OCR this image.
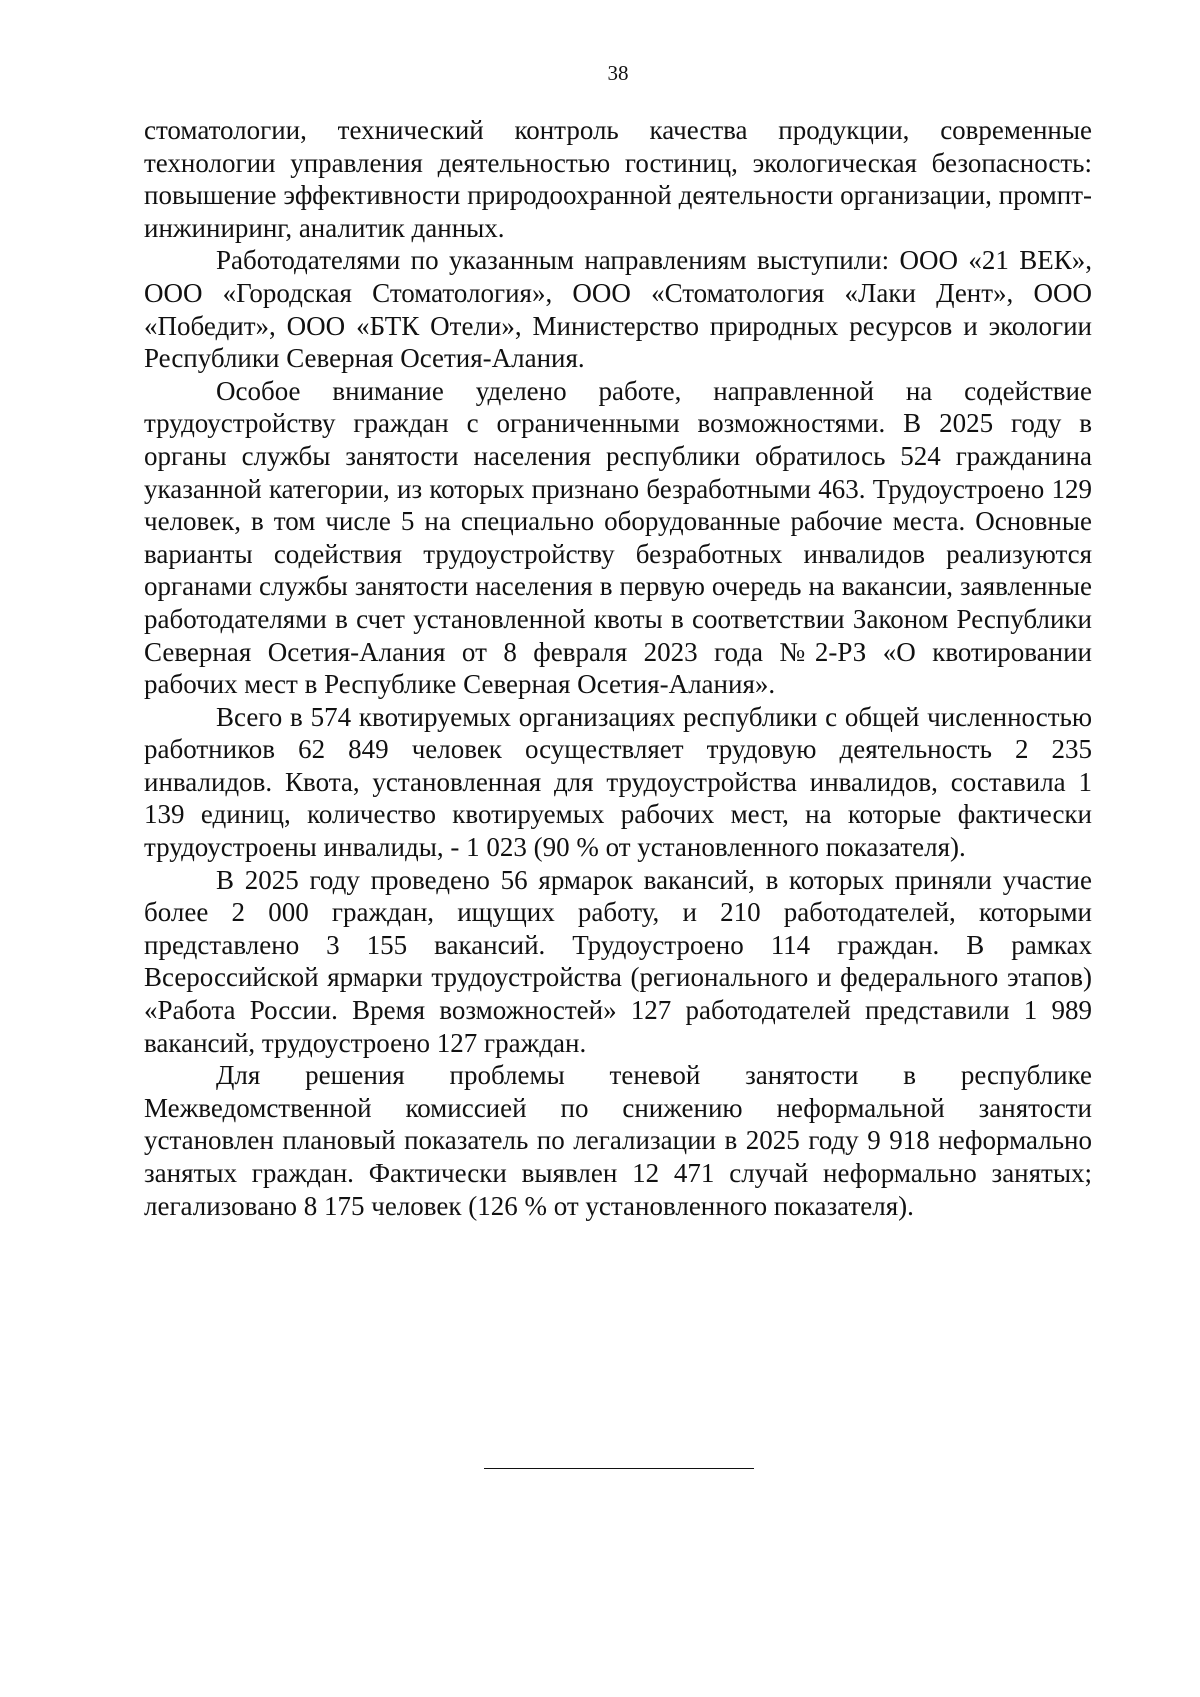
38

стоматологии, технический контроль качества продукции, современные технологии управления деятельностью гостиниц, экологическая безопасность: повышение эффективности природоохранной деятельности организации, промпт-инжиниринг, аналитик данных.

Работодателями по указанным направлениям выступили: ООО «21 ВЕК», ООО «Городская Стоматология», ООО «Стоматология «Лаки Дент», ООО «Победит», ООО «БТК Отели», Министерство природных ресурсов и экологии Республики Северная Осетия-Алания.

Особое внимание уделено работе, направленной на содействие трудоустройству граждан с ограниченными возможностями. В 2025 году в органы службы занятости населения республики обратилось 524 гражданина указанной категории, из которых признано безработными 463. Трудоустроено 129 человек, в том числе 5 на специально оборудованные рабочие места. Основные варианты содействия трудоустройству безработных инвалидов реализуются органами службы занятости населения в первую очередь на вакансии, заявленные работодателями в счет установленной квоты в соответствии Законом Республики Северная Осетия-Алания от 8 февраля 2023 года №2-РЗ «О квотировании рабочих мест в Республике Северная Осетия-Алания».

Всего в 574 квотируемых организациях республики с общей численностью работников 62 849 человек осуществляет трудовую деятельность 2 235 инвалидов. Квота, установленная для трудоустройства инвалидов, составила 1 139 единиц, количество квотируемых рабочих мест, на которые фактически трудоустроены инвалиды, - 1 023 (90 % от установленного показателя).

В 2025 году проведено 56 ярмарок вакансий, в которых приняли участие более 2 000 граждан, ищущих работу, и 210 работодателей, которыми представлено 3 155 вакансий. Трудоустроено 114 граждан. В рамках Всероссийской ярмарки трудоустройства (регионального и федерального этапов) «Работа России. Время возможностей» 127 работодателей представили 1 989 вакансий, трудоустроено 127 граждан.

Для решения проблемы теневой занятости в республике Межведомственной комиссией по снижению неформальной занятости установлен плановый показатель по легализации в 2025 году 9 918 неформально занятых граждан. Фактически выявлен 12 471 случай неформально занятых; легализовано 8 175 человек (126 % от установленного показателя).
